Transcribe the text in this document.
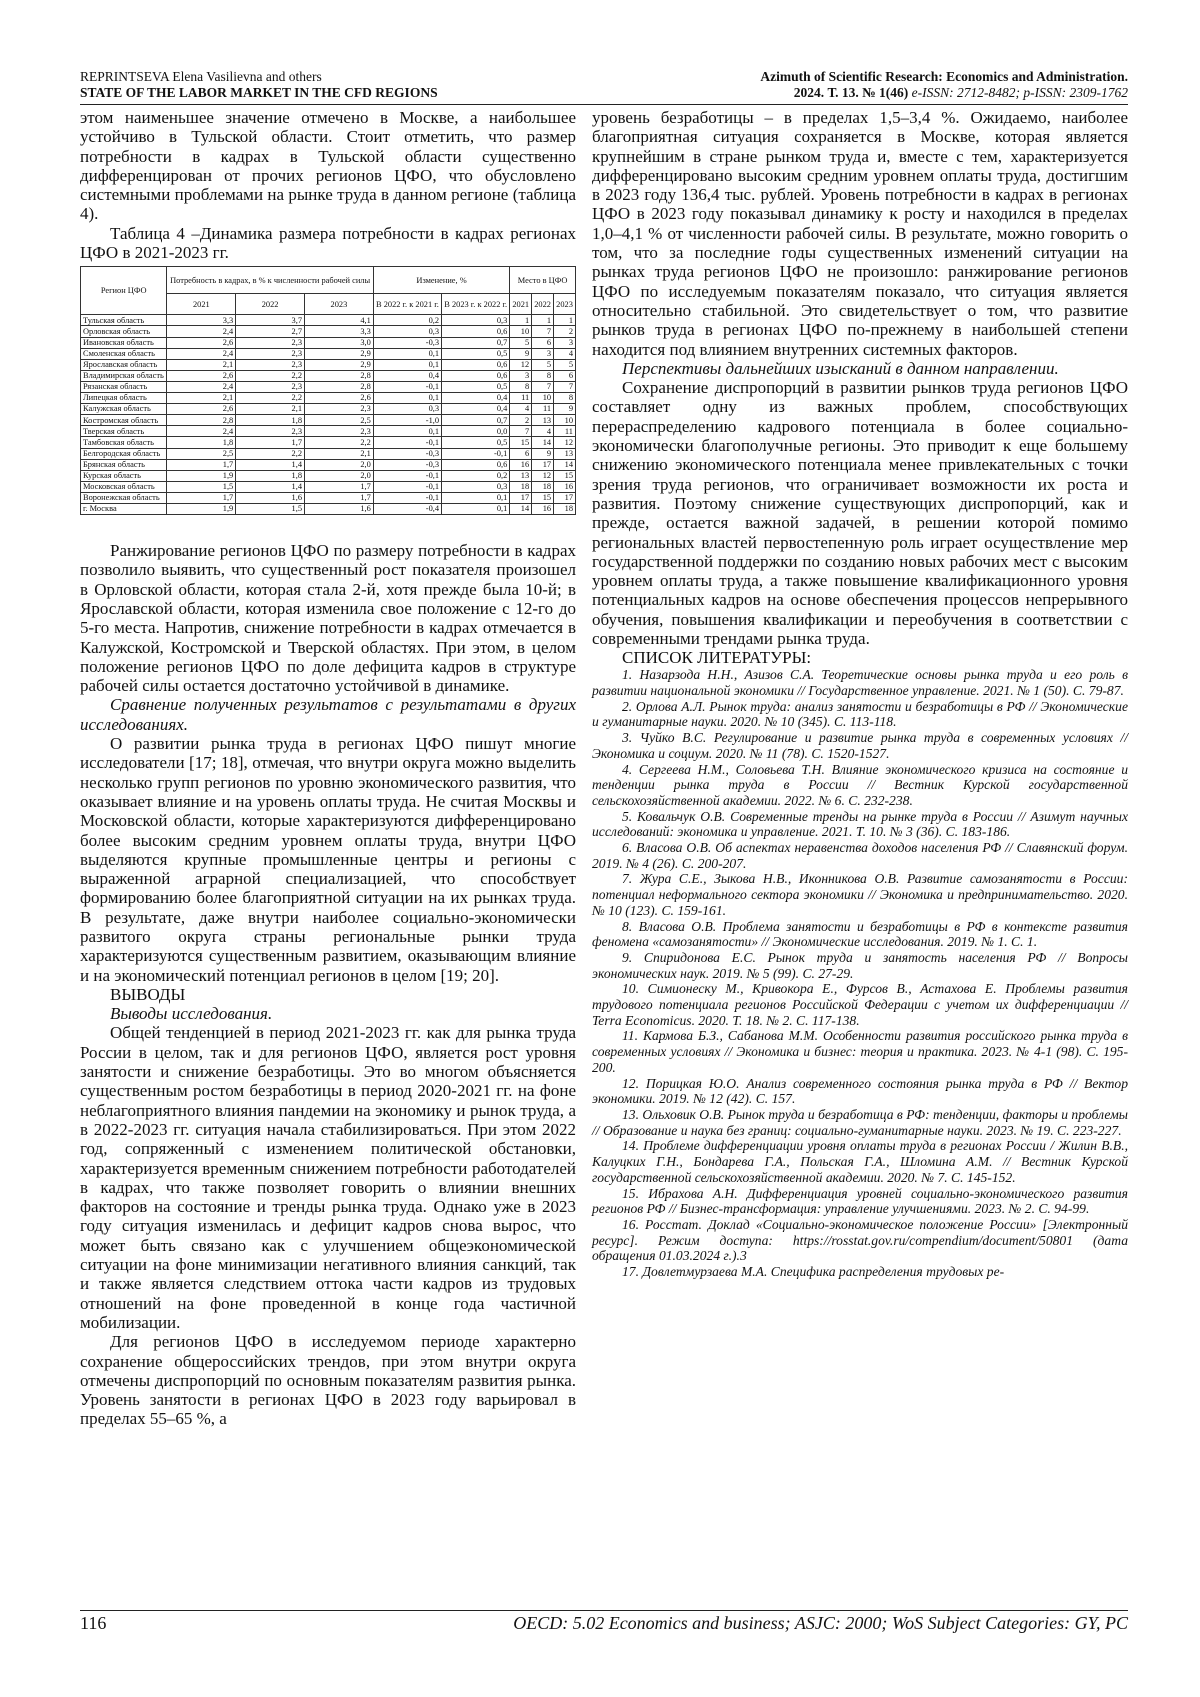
REPRINTSEVA Elena Vasilievna and others
STATE OF THE LABOR MARKET IN THE CFD REGIONS
Azimuth of Scientific Research: Economics and Administration.
2024. Т. 13. № 1(46) e-ISSN: 2712-8482; p-ISSN: 2309-1762

этом наименьшее значение отмечено в Москве, а наибольшее устойчиво в Тульской области. Стоит отметить, что размер потребности в кадрах в Тульской области существенно дифференцирован от прочих регионов ЦФО, что обусловлено системными проблемами на рынке труда в данном регионе (таблица 4).

Таблица 4 –Динамика размера потребности в кадрах регионах ЦФО в 2021-2023 гг.

Регион ЦФО	Потребность в кадрах, в % к численности рабочей силы			Изменение, %		Место в ЦФО		
	2021	2022	2023	В 2022 г. к 2021 г.	В 2023 г. к 2022 г.	2021	2022	2023
Тульская область	3,3	3,7	4,1	0,2	0,3	1	1	1
Орловская область	2,4	2,7	3,3	0,3	0,6	10	7	2
Ивановская область	2,6	2,3	3,0	-0,3	0,7	5	6	3
Смоленская область	2,4	2,3	2,9	0,1	0,5	9	3	4
Ярославская область	2,1	2,3	2,9	0,1	0,6	12	5	5
Владимирская область	2,6	2,2	2,8	0,4	0,6	3	8	6
Рязанская область	2,4	2,3	2,8	-0,1	0,5	8	7	7
Липецкая область	2,1	2,2	2,6	0,1	0,4	11	10	8
Калужская область	2,6	2,1	2,3	0,3	0,4	4	11	9
Костромская область	2,8	1,8	2,5	-1,0	0,7	2	13	10
Тверская область	2,4	2,3	2,3	0,1	0,0	7	4	11
Тамбовская область	1,8	1,7	2,2	-0,1	0,5	15	14	12
Белгородская область	2,5	2,2	2,1	-0,3	-0,1	6	9	13
Брянская область	1,7	1,4	2,0	-0,3	0,6	16	17	14
Курская область	1,9	1,8	2,0	-0,1	0,2	13	12	15
Московская область	1,5	1,4	1,7	-0,1	0,3	18	18	16
Воронежская область	1,7	1,6	1,7	-0,1	0,1	17	15	17
г. Москва	1,9	1,5	1,6	-0,4	0,1	14	16	18

Ранжирование регионов ЦФО по размеру потребности в кадрах позволило выявить, что существенный рост показателя произошел в Орловской области, которая стала 2-й, хотя прежде была 10-й; в Ярославской области, которая изменила свое положение с 12-го до 5-го места. Напротив, снижение потребности в кадрах отмечается в Калужской, Костромской и Тверской областях. При этом, в целом положение регионов ЦФО по доле дефицита кадров в структуре рабочей силы остается достаточно устойчивой в динамике.

Сравнение полученных результатов с результатами в других исследованиях.

О развитии рынка труда в регионах ЦФО пишут многие исследователи [17; 18], отмечая, что внутри округа можно выделить несколько групп регионов по уровню экономического развития, что оказывает влияние и на уровень оплаты труда. Не считая Москвы и Московской области, которые характеризуются дифференцировано более высоким средним уровнем оплаты труда, внутри ЦФО выделяются крупные промышленные центры и регионы с выраженной аграрной специализацией, что способствует формированию более благоприятной ситуации на их рынках труда. В результате, даже внутри наиболее социально-экономически развитого округа страны региональные рынки труда характеризуются существенным развитием, оказывающим влияние и на экономический потенциал регионов в целом [19; 20].

ВЫВОДЫ

Выводы исследования.

Общей тенденцией в период 2021-2023 гг. как для рынка труда России в целом, так и для регионов ЦФО, является рост уровня занятости и снижение безработицы. Это во многом объясняется существенным ростом безработицы в период 2020-2021 гг. на фоне неблагоприятного влияния пандемии на экономику и рынок труда, а в 2022-2023 гг. ситуация начала стабилизироваться. При этом 2022 год, сопряженный с изменением политической обстановки, характеризуется временным снижением потребности работодателей в кадрах, что также позволяет говорить о влиянии внешних факторов на состояние и тренды рынка труда. Однако уже в 2023 году ситуация изменилась и дефицит кадров снова вырос, что может быть связано как с улучшением общеэкономической ситуации на фоне минимизации негативного влияния санкций, так и также является следствием оттока части кадров из трудовых отношений на фоне проведенной в конце года частичной мобилизации.

Для регионов ЦФО в исследуемом периоде характерно сохранение общероссийских трендов, при этом внутри округа отмечены диспропорций по основным показателям развития рынка. Уровень занятости в регионах ЦФО в 2023 году варьировал в пределах 55–65 %, а

уровень безработицы – в пределах 1,5–3,4 %. Ожидаемо, наиболее благоприятная ситуация сохраняется в Москве, которая является крупнейшим в стране рынком труда и, вместе с тем, характеризуется дифференцировано высоким средним уровнем оплаты труда, достигшим в 2023 году 136,4 тыс. рублей. Уровень потребности в кадрах в регионах ЦФО в 2023 году показывал динамику к росту и находился в пределах 1,0–4,1 % от численности рабочей силы. В результате, можно говорить о том, что за последние годы существенных изменений ситуации на рынках труда регионов ЦФО не произошло: ранжирование регионов ЦФО по исследуемым показателям показало, что ситуация является относительно стабильной. Это свидетельствует о том, что развитие рынков труда в регионах ЦФО по-прежнему в наибольшей степени находится под влиянием внутренних системных факторов.

Перспективы дальнейших изысканий в данном направлении.

Сохранение диспропорций в развитии рынков труда регионов ЦФО составляет одну из важных проблем, способствующих перераспределению кадрового потенциала в более социально-экономически благополучные регионы. Это приводит к еще большему снижению экономического потенциала менее привлекательных с точки зрения труда регионов, что ограничивает возможности их роста и развития. Поэтому снижение существующих диспропорций, как и прежде, остается важной задачей, в решении которой помимо региональных властей первостепенную роль играет осуществление мер государственной поддержки по созданию новых рабочих мест с высоким уровнем оплаты труда, а также повышение квалификационного уровня потенциальных кадров на основе обеспечения процессов непрерывного обучения, повышения квалификации и переобучения в соответствии с современными трендами рынка труда.

СПИСОК ЛИТЕРАТУРЫ:

1. Назарзода Н.Н., Азизов С.А. Теоретические основы рынка труда и его роль в развитии национальной экономики // Государственное управление. 2021. № 1 (50). С. 79-87.

2. Орлова А.Л. Рынок труда: анализ занятости и безработицы в РФ // Экономические и гуманитарные науки. 2020. № 10 (345). С. 113-118.

3. Чуйко В.С. Регулирование и развитие рынка труда в современных условиях // Экономика и социум. 2020. № 11 (78). С. 1520-1527.

4. Сергеева Н.М., Соловьева Т.Н. Влияние экономического кризиса на состояние и тенденции рынка труда в России // Вестник Курской государственной сельскохозяйственной академии. 2022. № 6. С. 232-238.

5. Ковальчук О.В. Современные тренды на рынке труда в России // Азимут научных исследований: экономика и управление. 2021. Т. 10. № 3 (36). С. 183-186.

6. Власова О.В. Об аспектах неравенства доходов населения РФ // Славянский форум. 2019. № 4 (26). С. 200-207.

7. Жура С.Е., Зыкова Н.В., Иконникова О.В. Развитие самозанятости в России: потенциал неформального сектора экономики // Экономика и предпринимательство. 2020. № 10 (123). С. 159-161.

8. Власова О.В. Проблема занятости и безработицы в РФ в контексте развития феномена «самозанятости» // Экономические исследования. 2019. № 1. С. 1.

9. Спиридонова Е.С. Рынок труда и занятость населения РФ // Вопросы экономических наук. 2019. № 5 (99). С. 27-29.

10. Симионеску М., Кривокора Е., Фурсов В., Астахова Е. Проблемы развития трудового потенциала регионов Российской Федерации с учетом их дифференциации // Terra Economicus. 2020. Т. 18. № 2. С. 117-138.

11. Кармова Б.З., Сабанова М.М. Особенности развития российского рынка труда в современных условиях // Экономика и бизнес: теория и практика. 2023. № 4-1 (98). С. 195-200.

12. Порицкая Ю.О. Анализ современного состояния рынка труда в РФ // Вектор экономики. 2019. № 12 (42). С. 157.

13. Ольховик О.В. Рынок труда и безработица в РФ: тенденции, факторы и проблемы // Образование и наука без границ: социально-гуманитарные науки. 2023. № 19. С. 223-227.

14. Проблеме дифференциации уровня оплаты труда в регионах России / Жилин В.В., Калуцких Г.Н., Бондарева Г.А., Польская Г.А., Шломина А.М. // Вестник Курской государственной сельскохозяйственной академии. 2020. № 7. С. 145-152.

15. Ибрахова А.Н. Дифференциация уровней социально-экономического развития регионов РФ // Бизнес-трансформация: управление улучшениями. 2023. № 2. С. 94-99.

16. Росстат. Доклад «Социально-экономическое положение России» [Электронный ресурс]. Режим доступа: https://rosstat.gov.ru/compendium/document/50801 (дата обращения 01.03.2024 г.).3

17. Довлетмурзаева М.А. Специфика распределения трудовых ре-

116	OECD: 5.02 Economics and business; ASJC: 2000; WoS Subject Categories: GY, PC
